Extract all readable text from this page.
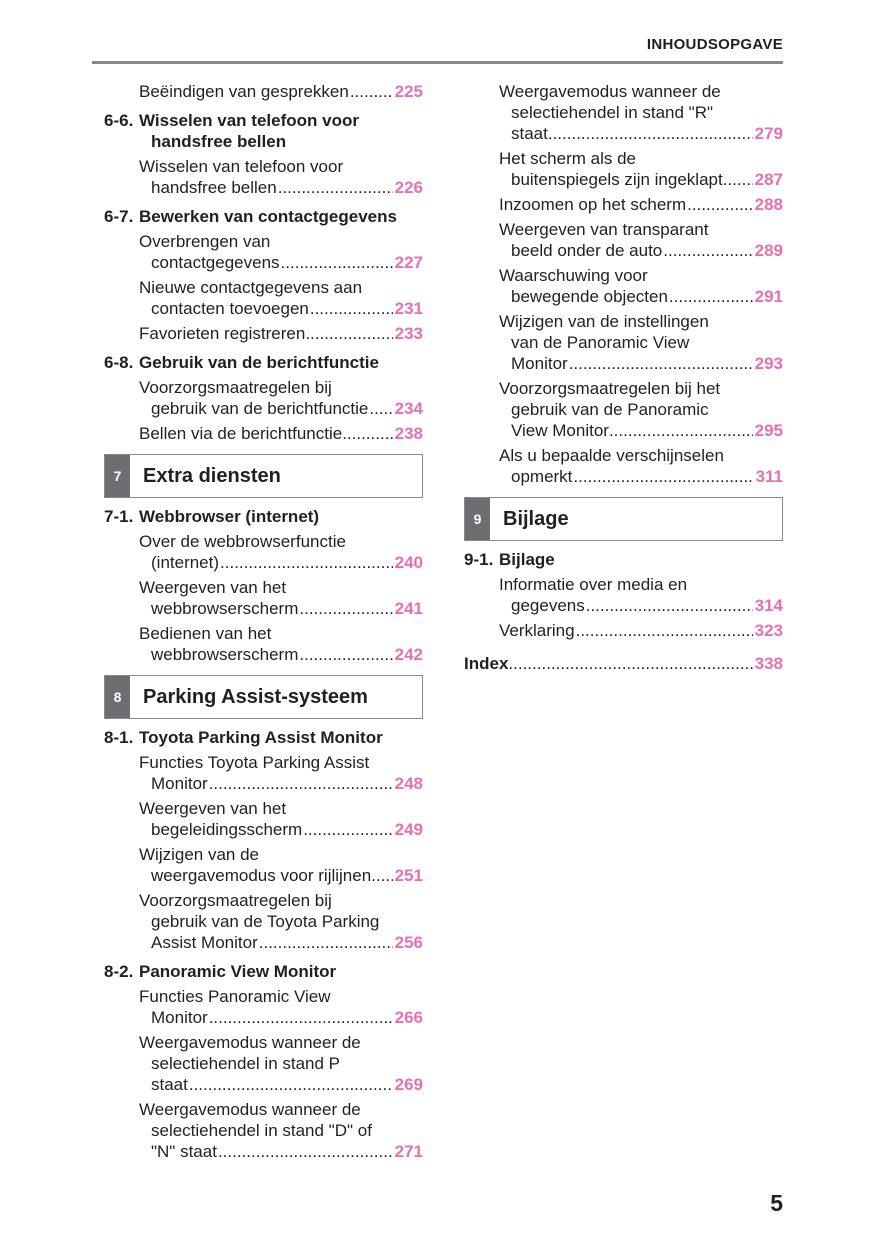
INHOUDSOPGAVE
Beëindigen van gesprekken .....	225
6-6. Wisselen van telefoon voor
handsfree bellen
Wisselen van telefoon voor
handsfree bellen .....	226
6-7. Bewerken van contactgegevens
Overbrengen van
contactgegevens .....	227
Nieuwe contactgegevens aan
contacten toevoegen .....	231
Favorieten registreren .....	233
6-8. Gebruik van de berichtfunctie
Voorzorgsmaatregelen bij
gebruik van de berichtfunctie ..... 234
Bellen via de berichtfunctie .....	238
7	Extra diensten
7-1. Webbrowser (internet)
Over de webbrowserfunctie
(internet) .....	240
Weergeven van het
webbrowserscherm .....	241
Bedienen van het
webbrowserscherm .....	242
8	Parking Assist-systeem
8-1. Toyota Parking Assist Monitor
Functies Toyota Parking Assist
Monitor .....	248
Weergeven van het
begeleidingsscherm .....	249
Wijzigen van de
weergavemodus voor rijlijnen ..... 251
Voorzorgsmaatregelen bij
gebruik van de Toyota Parking
Assist Monitor .....	256
8-2. Panoramic View Monitor
Functies Panoramic View
Monitor .....	266
Weergavemodus wanneer de
selectiehendel in stand P
staat .....	269
Weergavemodus wanneer de
selectiehendel in stand "D" of
"N" staat .....	271
Weergavemodus wanneer de
selectiehendel in stand "R"
staat .....	279
Het scherm als de
buitenspiegels zijn ingeklapt ..... 287
Inzoomen op het scherm .....	288
Weergeven van transparant
beeld onder de auto .....	289
Waarschuwing voor
bewegende objecten .....	291
Wijzigen van de instellingen
van de Panoramic View
Monitor .....	293
Voorzorgsmaatregelen bij het
gebruik van de Panoramic
View Monitor .....	295
Als u bepaalde verschijnselen
opmerkt .....	311
9	Bijlage
9-1. Bijlage
Informatie over media en
gegevens .....	314
Verklaring .....	323
Index .....	338
5
